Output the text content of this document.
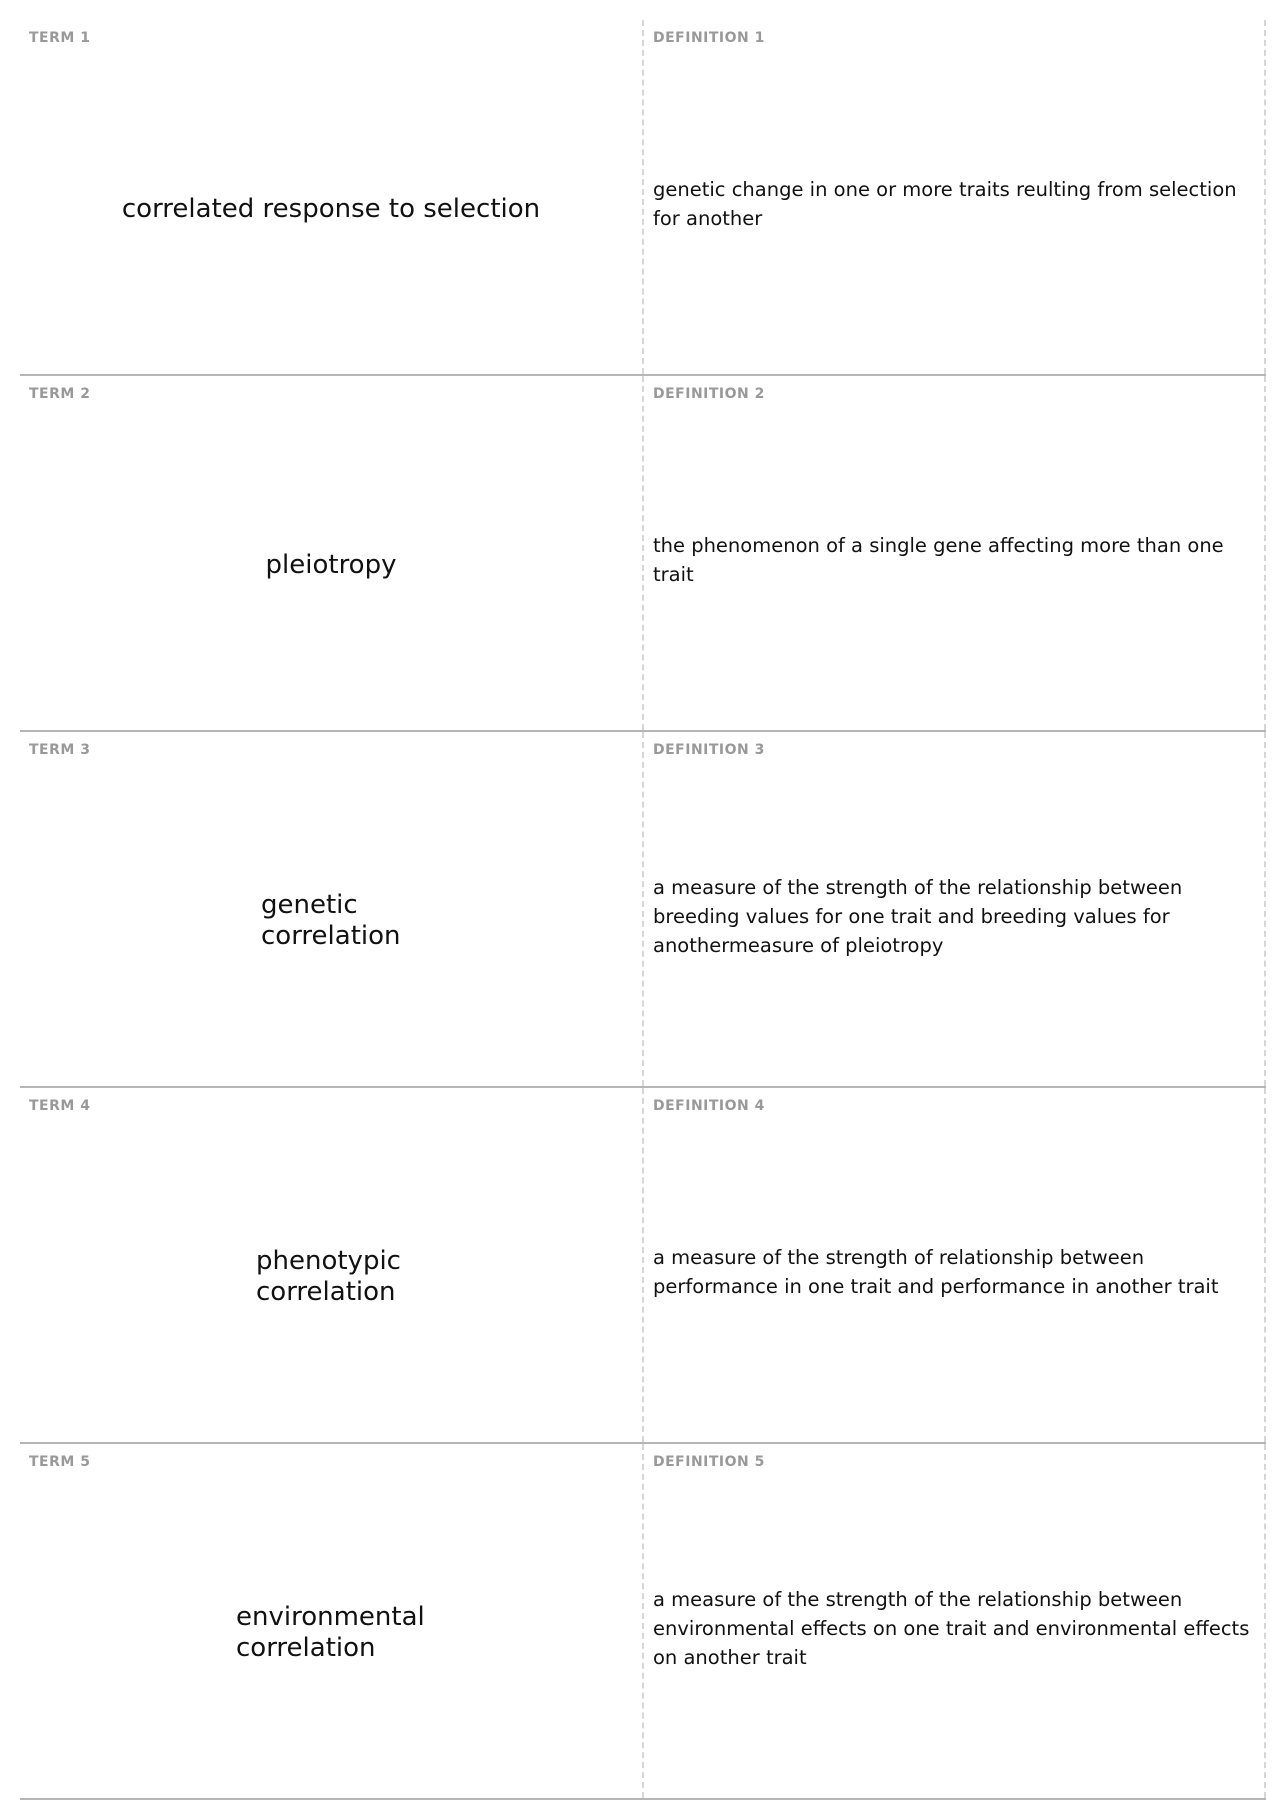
TERM 1
correlated response to selection
DEFINITION 1
genetic change in one or more traits reulting from selection for another
TERM 2
pleiotropy
DEFINITION 2
the phenomenon of a single gene affecting more than one trait
TERM 3
genetic correlation
DEFINITION 3
a measure of the strength of the relationship between breeding values for one trait and breeding values for anothermeasure of pleiotropy
TERM 4
phenotypic correlation
DEFINITION 4
a measure of the strength of relationship between performance in one trait and performance in another trait
TERM 5
environmental correlation
DEFINITION 5
a measure of the strength of the relationship between environmental effects on one trait and environmental effects on another trait
